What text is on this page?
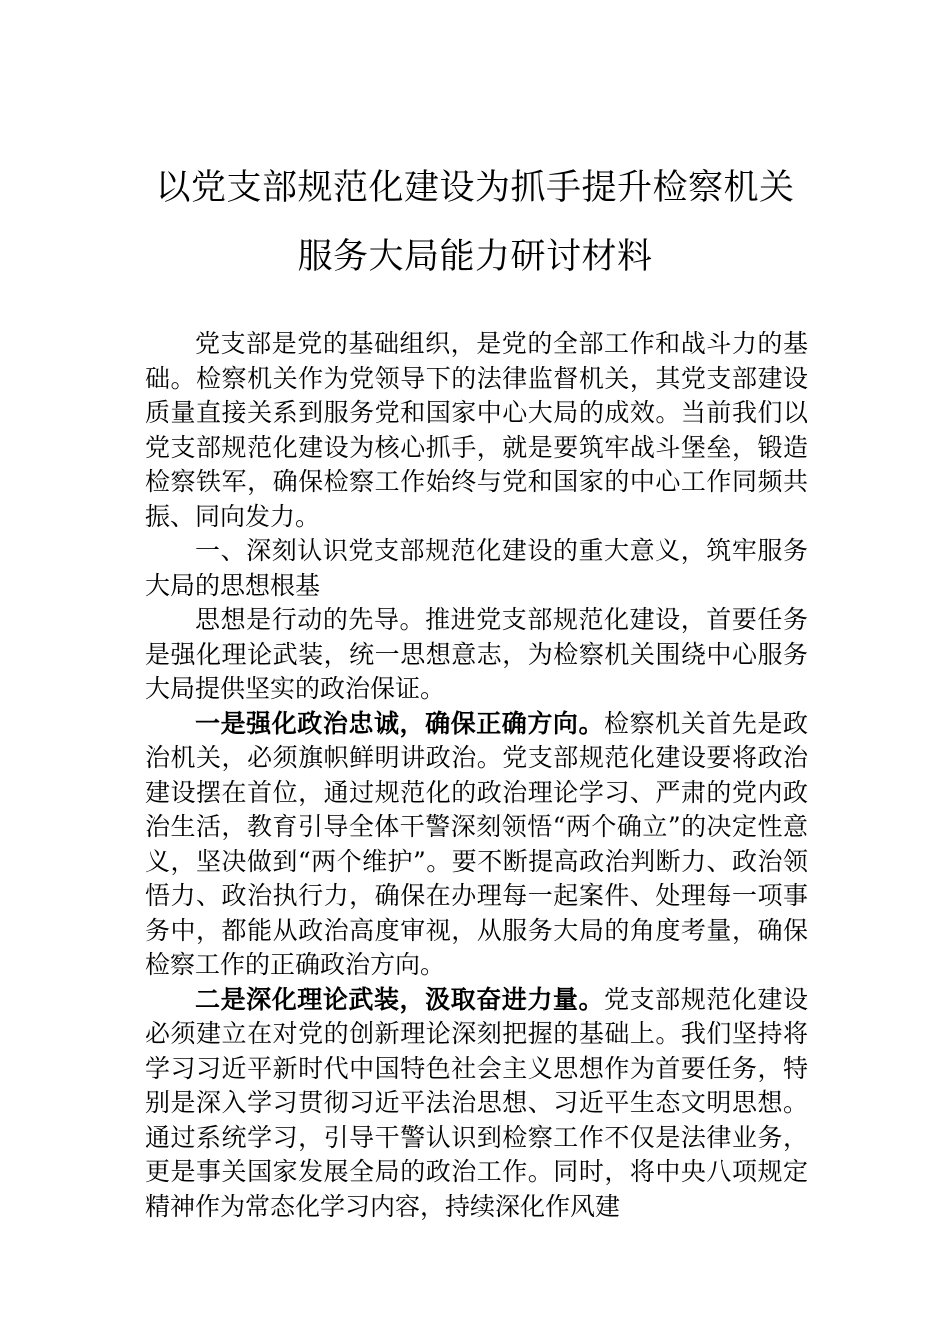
以党支部规范化建设为抓手提升检察机关
服务大局能力研讨材料

党支部是党的基础组织，是党的全部工作和战斗力的基础。检察机关作为党领导下的法律监督机关，其党支部建设质量直接关系到服务党和国家中心大局的成效。当前我们以党支部规范化建设为核心抓手，就是要筑牢战斗堡垒，锻造检察铁军，确保检察工作始终与党和国家的中心工作同频共振、同向发力。

一、深刻认识党支部规范化建设的重大意义，筑牢服务大局的思想根基

思想是行动的先导。推进党支部规范化建设，首要任务是强化理论武装，统一思想意志，为检察机关围绕中心服务大局提供坚实的政治保证。

一是强化政治忠诚，确保正确方向。检察机关首先是政治机关，必须旗帜鲜明讲政治。党支部规范化建设要将政治建设摆在首位，通过规范化的政治理论学习、严肃的党内政治生活，教育引导全体干警深刻领悟“两个确立”的决定性意义，坚决做到“两个维护”。要不断提高政治判断力、政治领悟力、政治执行力，确保在办理每一起案件、处理每一项事务中，都能从政治高度审视，从服务大局的角度考量，确保检察工作的正确政治方向。

二是深化理论武装，汲取奋进力量。党支部规范化建设必须建立在对党的创新理论深刻把握的基础上。我们坚持将学习习近平新时代中国特色社会主义思想作为首要任务，特别是深入学习贯彻习近平法治思想、习近平生态文明思想。通过系统学习，引导干警认识到检察工作不仅是法律业务，更是事关国家发展全局的政治工作。同时，将中央八项规定精神作为常态化学习内容，持续深化作风建
